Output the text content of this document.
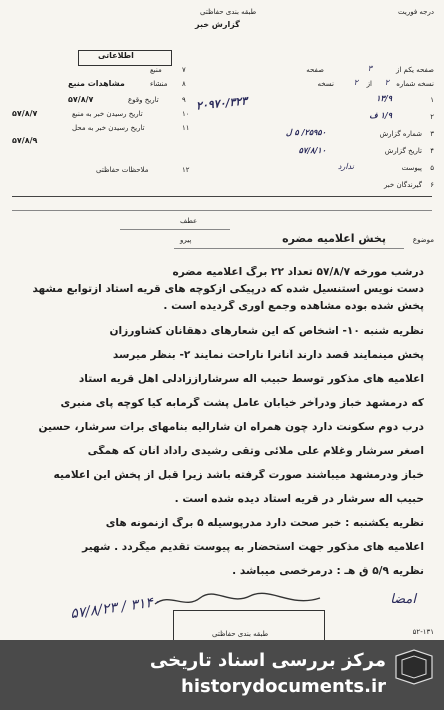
درجه فوریت
طبقه بندی حفاظتی
گزارش خبر
اطلاعاتی
صفحه یکم از
۳
صفحه
نسخه شماره
۲
از
۲
نسخه
۱
۱۳/۹
۲
۱/۹ ف
۳
شماره گزارش
۲۵۹۵۰/ ۵ ل
۴
تاریخ گزارش
۵۷/۸/۱۰
۵
پیوست
ندارد
۶
گیرندگان خبر
۲۰۹۷۰/۳۲۳
۷
منبع
۸
منشاء
مشاهدات منبع
۹
تاریخ وقوع
۵۷/۸/۷
۱۰
تاریخ رسیدن خبر به منبع
۵۷/۸/۷
۱۱
تاریخ رسیدن خبر به محل
۵۷/۸/۹
۱۲
ملاحظات حفاظتی
عطف
پیرو	موضوع
پخش اعلامیه مضره
درشب مورخه ۵۷/۸/۷ تعداد ۲۲ برگ اعلامیه مضره
دست نویس استنسیل شده که درپیکی ازکوچه های قریه استاد ازتوابع مشهد
پخش شده بوده مشاهده وجمع آوری گردیده است .
نظریه شنبه ۱۰- اشخاص که این شعارهای دهقانان کشاورزان
پخش مینمایند قصد دارند آنانرا ناراحت نمایند ۲- بنظر میرسد
اعلامیه های مذکور توسط حبیب اله سرشاراززادلی اهل قریه استاد
که درمشهد خباز ودرآخر خیابان عامل پشت گرمابه کیا کوچه پای منبری
درب دوم سکونت دارد چون همراه ان شارالیه بنامهای برات سرشار، حسین
اصغر سرشار وغلام علی ملائی وتقی رشیدی راداد آنان که همگی
خباز ودرمشهد میباشند صورت گرفته باشد زیرا قبل از پخش این اعلامیه
حبیب اله سرشار در قریه استاد دیده شده است .
نظریه یکشنبه : خبر صحت دارد مدرپوسیله ۵ برگ ازنمونه های
اعلامیه های مذکور جهت استحضار به پیوست تقدیم میگردد . شهیر
نظریه ۵/۹ ق هـ : درمرخصی میباشد .
امضا
۳۱۴۰ / ۵۷/۸/۲۳
طبقه بندی حفاظتی	۵۲-۱۳۱
مرکز بررسی اسناد تاریخی
historydocuments.ir
